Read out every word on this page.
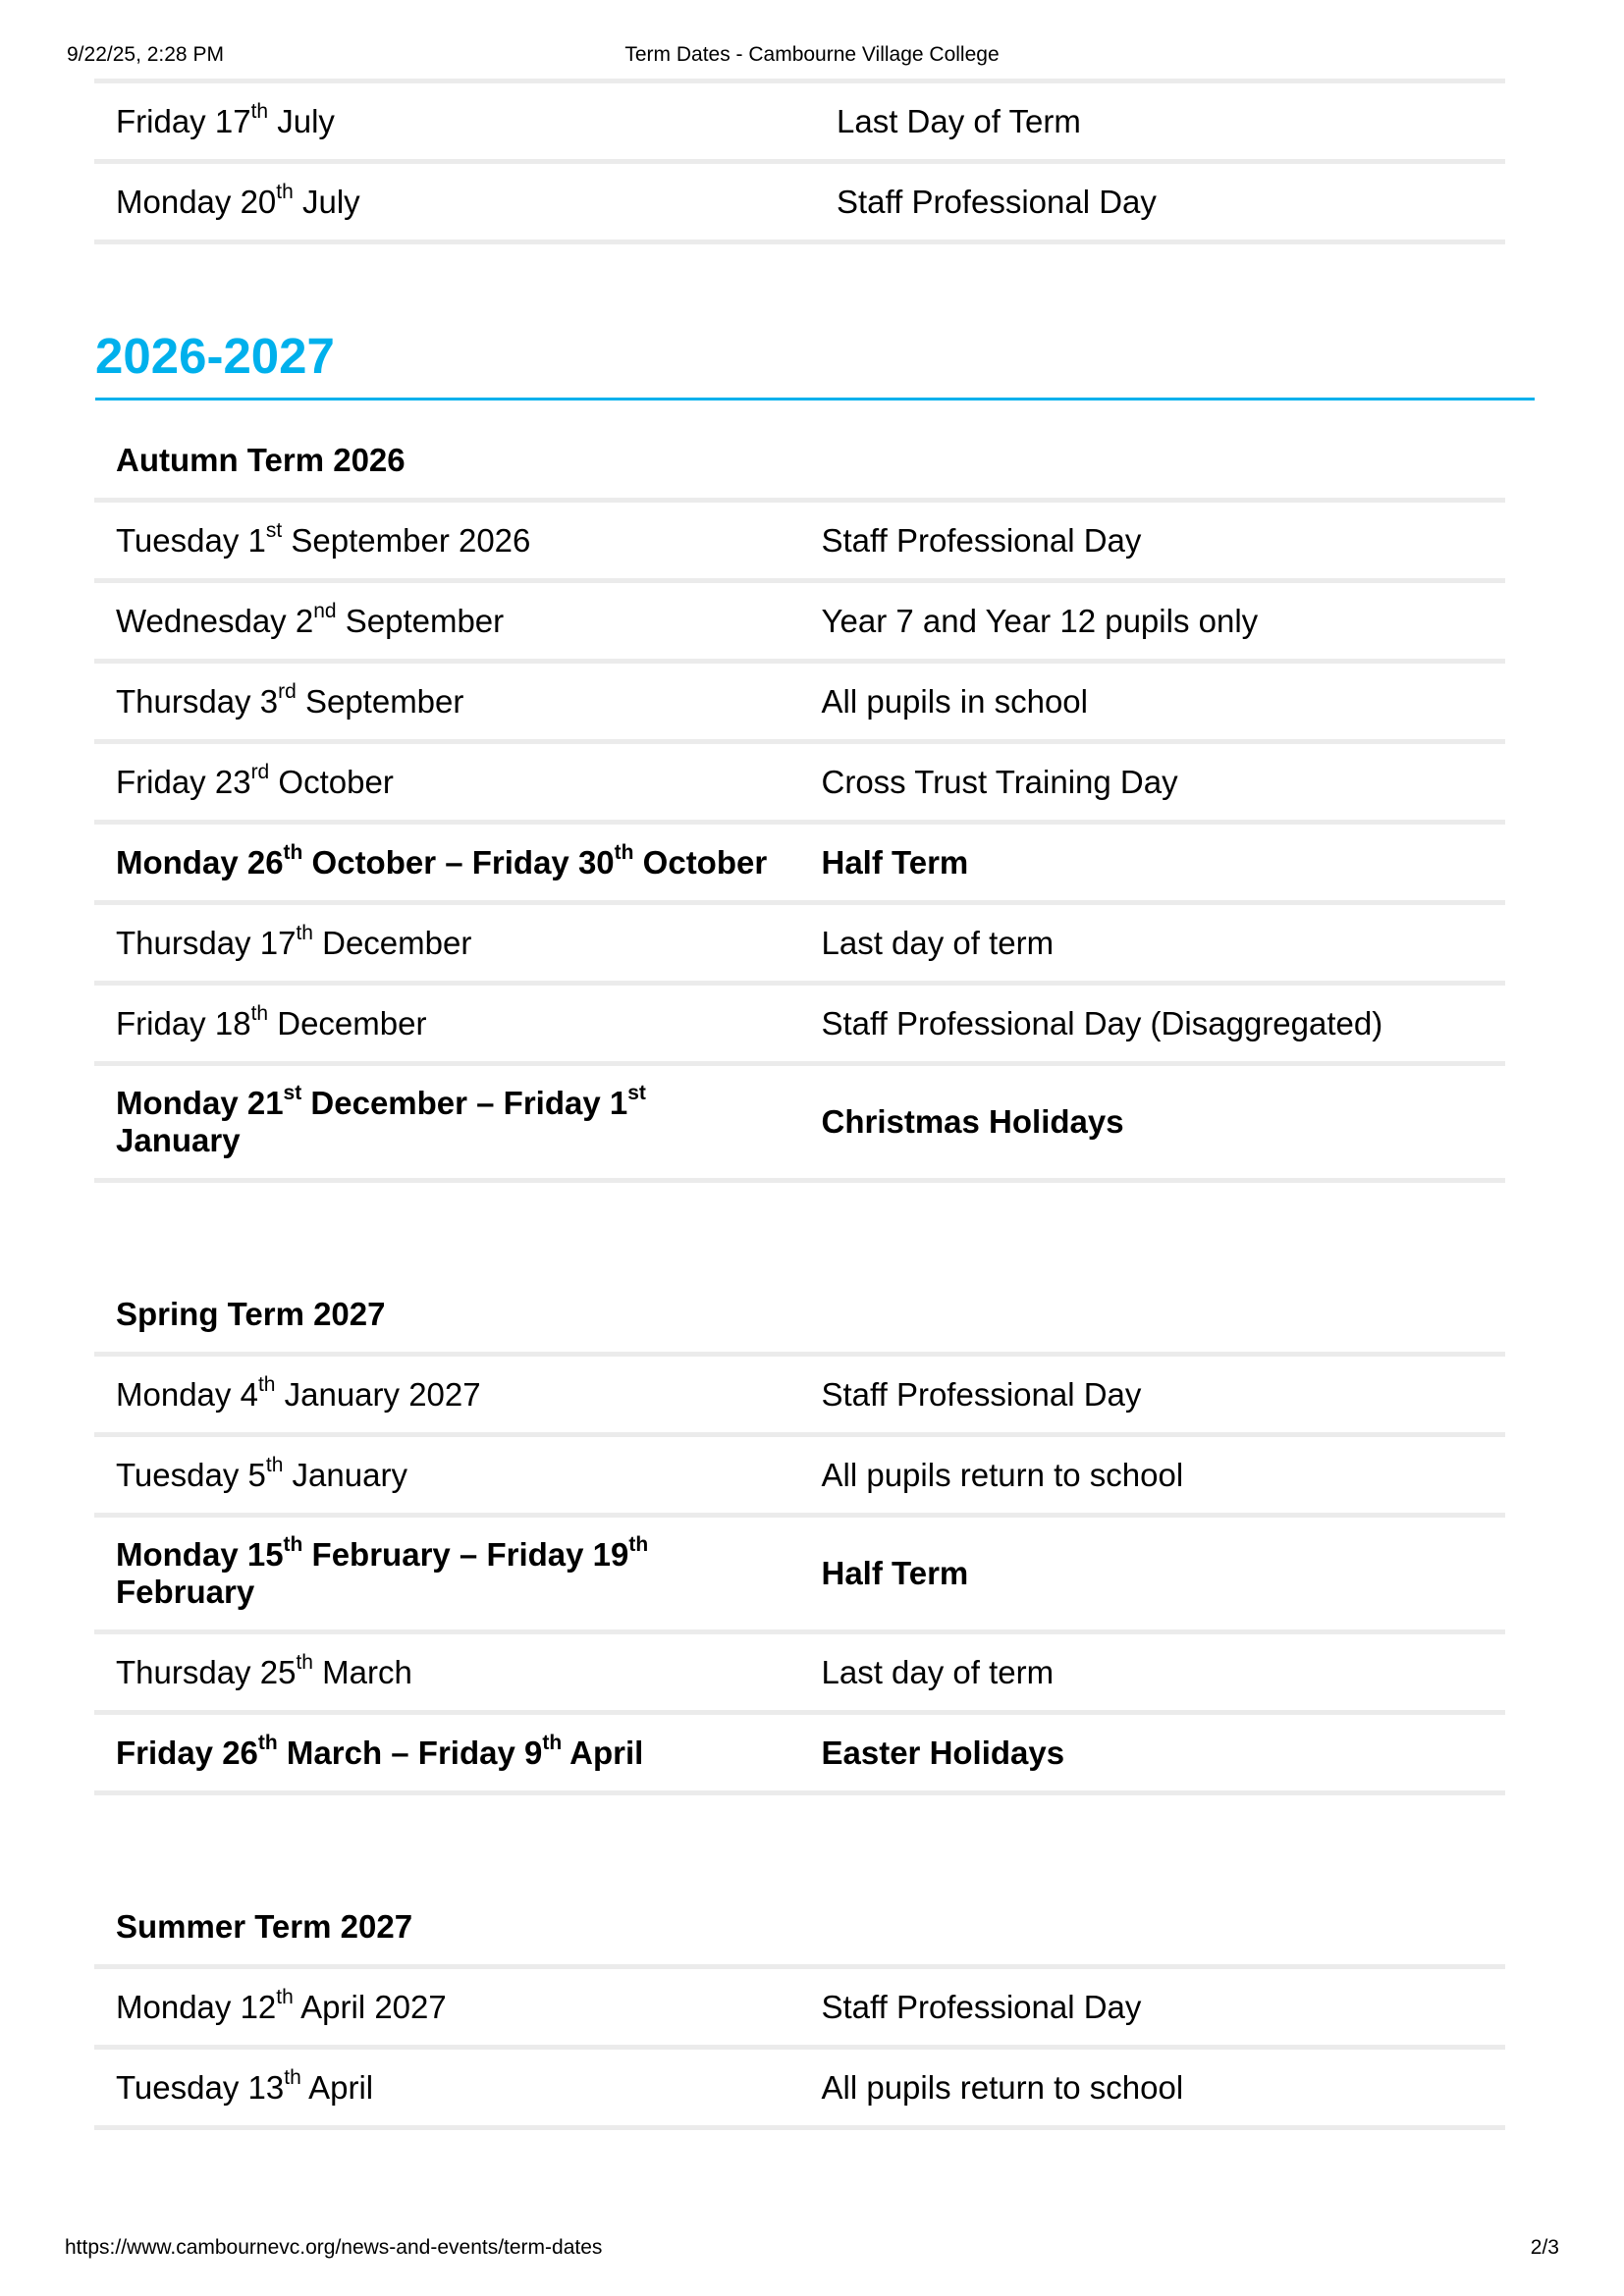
9/22/25, 2:28 PM	Term Dates - Cambourne Village College
Friday 17th July	Last Day of Term
Monday 20th July	Staff Professional Day
2026-2027
Autumn Term 2026	
Tuesday 1st September 2026	Staff Professional Day
Wednesday 2nd September	Year 7 and Year 12 pupils only
Thursday 3rd September	All pupils in school
Friday 23rd October	Cross Trust Training Day
Monday 26th October – Friday 30th October	Half Term
Thursday 17th December	Last day of term
Friday 18th December	Staff Professional Day (Disaggregated)
Monday 21st December – Friday 1st January	Christmas Holidays
Spring Term 2027	
Monday 4th January 2027	Staff Professional Day
Tuesday 5th January	All pupils return to school
Monday 15th February – Friday 19th February	Half Term
Thursday 25th March	Last day of term
Friday 26th March – Friday 9th April	Easter Holidays
Summer Term 2027	
Monday 12th April 2027	Staff Professional Day
Tuesday 13th April	All pupils return to school
https://www.cambournevc.org/news-and-events/term-dates	2/3
